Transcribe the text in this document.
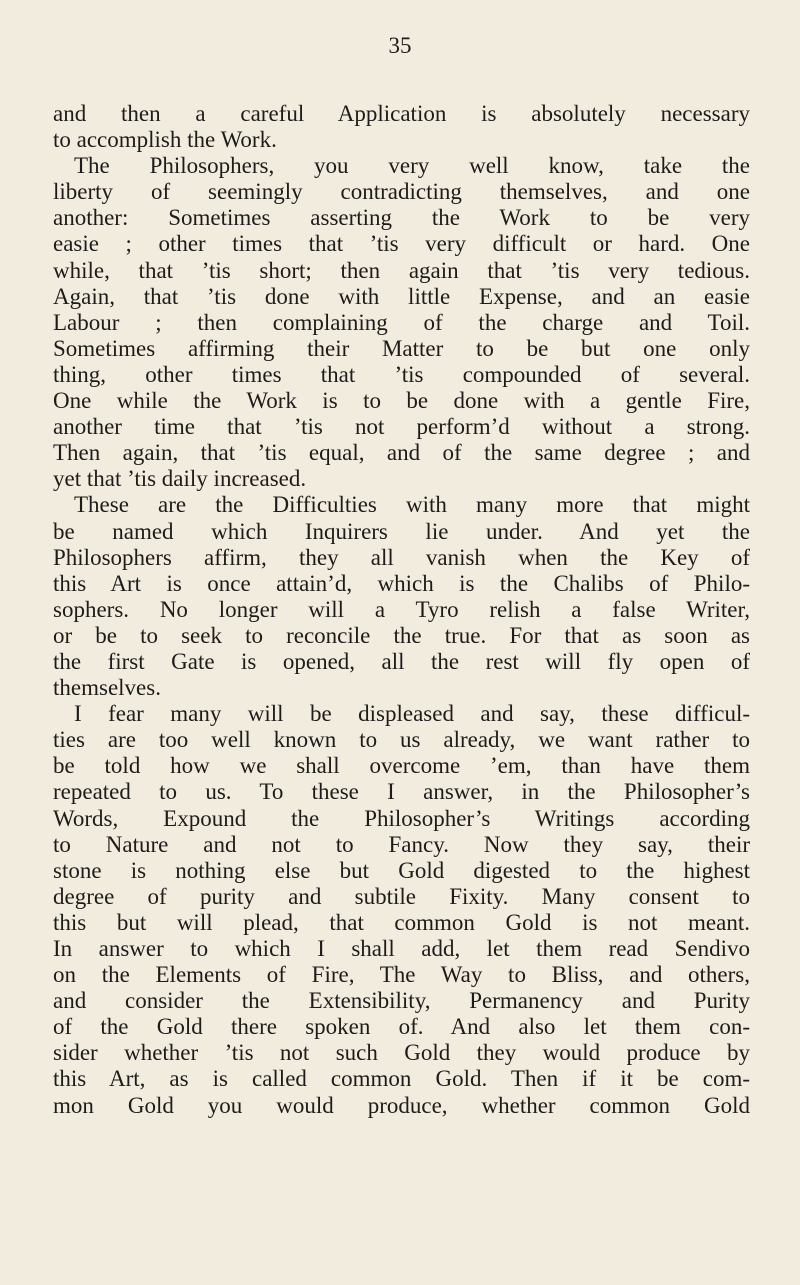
35
and then a careful Application is absolutely necessary
to accomplish the Work.
The Philosophers, you very well know, take the
liberty of seemingly contradicting themselves, and one
another: Sometimes asserting the Work to be very
easie ; other times that ’tis very difficult or hard. One
while, that ’tis short; then again that ’tis very tedious.
Again, that ’tis done with little Expense, and an easie
Labour ; then complaining of the charge and Toil.
Sometimes affirming their Matter to be but one only
thing, other times that ’tis compounded of several.
One while the Work is to be done with a gentle Fire,
another time that ’tis not perform’d without a strong.
Then again, that ’tis equal, and of the same degree ; and
yet that ’tis daily increased.
These are the Difficulties with many more that might
be named which Inquirers lie under. And yet the
Philosophers affirm, they all vanish when the Key of
this Art is once attain’d, which is the Chalibs of Philo-
sophers. No longer will a Tyro relish a false Writer,
or be to seek to reconcile the true. For that as soon as
the first Gate is opened, all the rest will fly open of
themselves.
I fear many will be displeased and say, these difficul-
ties are too well known to us already, we want rather to
be told how we shall overcome ’em, than have them
repeated to us. To these I answer, in the Philosopher’s
Words, Expound the Philosopher’s Writings according
to Nature and not to Fancy. Now they say, their
stone is nothing else but Gold digested to the highest
degree of purity and subtile Fixity. Many consent to
this but will plead, that common Gold is not meant.
In answer to which I shall add, let them read Sendivo
on the Elements of Fire, The Way to Bliss, and others,
and consider the Extensibility, Permanency and Purity
of the Gold there spoken of. And also let them con-
sider whether ’tis not such Gold they would produce by
this Art, as is called common Gold. Then if it be com-
mon Gold you would produce, whether common Gold
